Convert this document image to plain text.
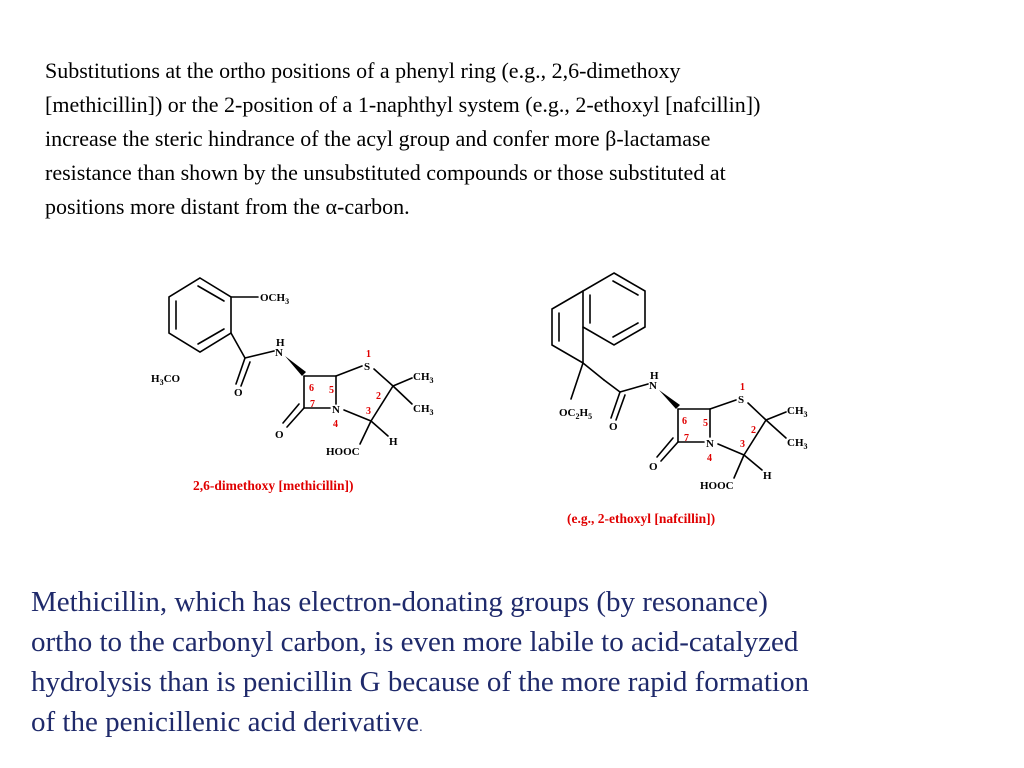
Substitutions at the ortho positions of a phenyl ring (e.g., 2,6-dimethoxy
[methicillin]) or the 2-position of a 1-naphthyl system (e.g., 2-ethoxyl [nafcillin])
increase the steric hindrance of the acyl group and confer more β-lactamase
resistance than shown by the unsubstituted compounds or those substituted at
positions more distant from the α-carbon.
$OCH_3$
$H_3CO$
O
H
N
S
$CH_3$
$CH_3$
N
O
H
HOOC
1
2
3
4
5
6
7
2,6-dimethoxy [methicillin])
$OC_2H_5$
O
H
N
S
$CH_3$
$CH_3$
N
O
H
HOOC
1
2
3
4
5
6
7
(e.g., 2-ethoxyl [nafcillin])
Methicillin, which has electron-donating groups (by resonance)
ortho to the carbonyl carbon, is even more labile to acid-catalyzed
hydrolysis than is penicillin G because of the more rapid formation
of the penicillenic acid derivative.
